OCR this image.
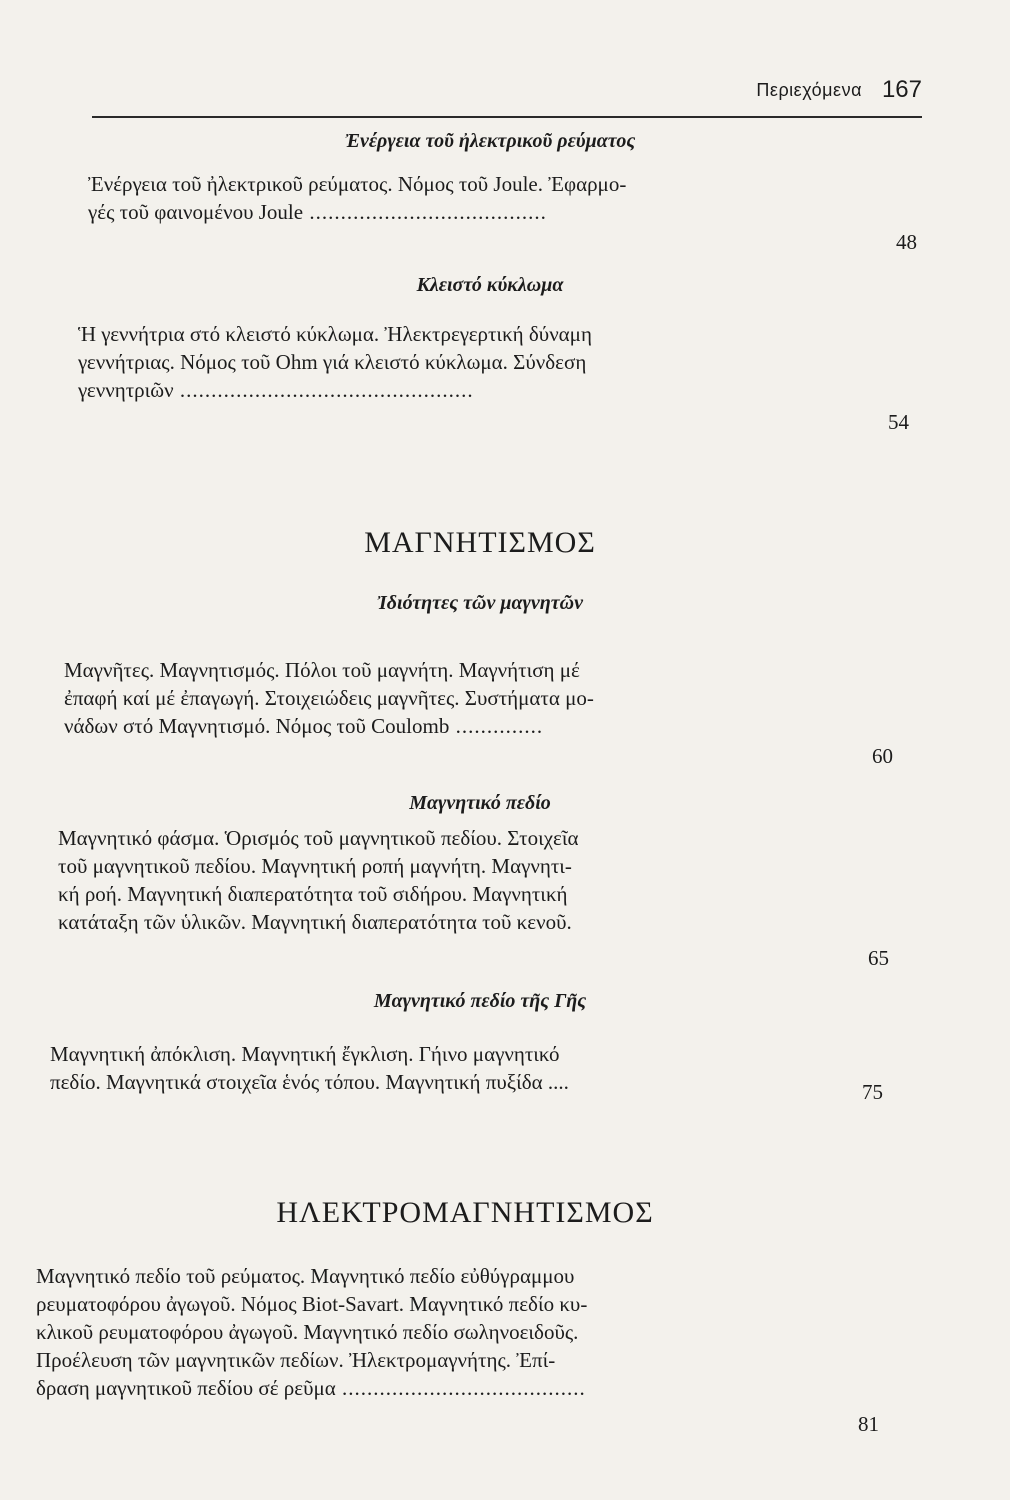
Περιεχόμενα 167
Ἐνέργεια τοῦ ἠλεκτρικοῦ ρεύματος
Ἐνέργεια τοῦ ἠλεκτρικοῦ ρεύματος. Νόμος τοῦ Joule. Ἐφαρμο-
γές τοῦ φαινομένου Joule ......................................
48
Κλειστό κύκλωμα
Ἡ γεννήτρια στό κλειστό κύκλωμα. Ἠλεκτρεγερτική δύναμη
γεννήτριας. Νόμος τοῦ Ohm γιά κλειστό κύκλωμα. Σύνδεση
γεννητριῶν ...............................................
54
ΜΑΓΝΗΤΙΣΜΟΣ
Ἰδιότητες τῶν μαγνητῶν
Μαγνῆτες. Μαγνητισμός. Πόλοι τοῦ μαγνήτη. Μαγνήτιση μέ
ἐπαφή καί μέ ἐπαγωγή. Στοιχειώδεις μαγνῆτες. Συστήματα μο-
νάδων στό Μαγνητισμό. Νόμος τοῦ Coulomb ..............
60
Μαγνητικό πεδίο
Μαγνητικό φάσμα. Ὁρισμός τοῦ μαγνητικοῦ πεδίου. Στοιχεῖα
τοῦ μαγνητικοῦ πεδίου. Μαγνητική ροπή μαγνήτη. Μαγνητι-
κή ροή. Μαγνητική διαπερατότητα τοῦ σιδήρου. Μαγνητική
κατάταξη τῶν ὑλικῶν. Μαγνητική διαπερατότητα τοῦ κενοῦ.
65
Μαγνητικό πεδίο τῆς Γῆς
Μαγνητική ἀπόκλιση. Μαγνητική ἔγκλιση. Γήινο μαγνητικό
πεδίο. Μαγνητικά στοιχεῖα ἑνός τόπου. Μαγνητική πυξίδα ....	75
ΗΛΕΚΤΡΟΜΑΓΝΗΤΙΣΜΟΣ
Μαγνητικό πεδίο τοῦ ρεύματος. Μαγνητικό πεδίο εὐθύγραμμου
ρευματοφόρου ἀγωγοῦ. Νόμος Biot-Savart. Μαγνητικό πεδίο κυ-
κλικοῦ ρευματοφόρου ἀγωγοῦ. Μαγνητικό πεδίο σωληνοειδοῦς.
Προέλευση τῶν μαγνητικῶν πεδίων. Ἠλεκτρομαγνήτης. Ἐπί-
δραση μαγνητικοῦ πεδίου σέ ρεῦμα .......................................
81
